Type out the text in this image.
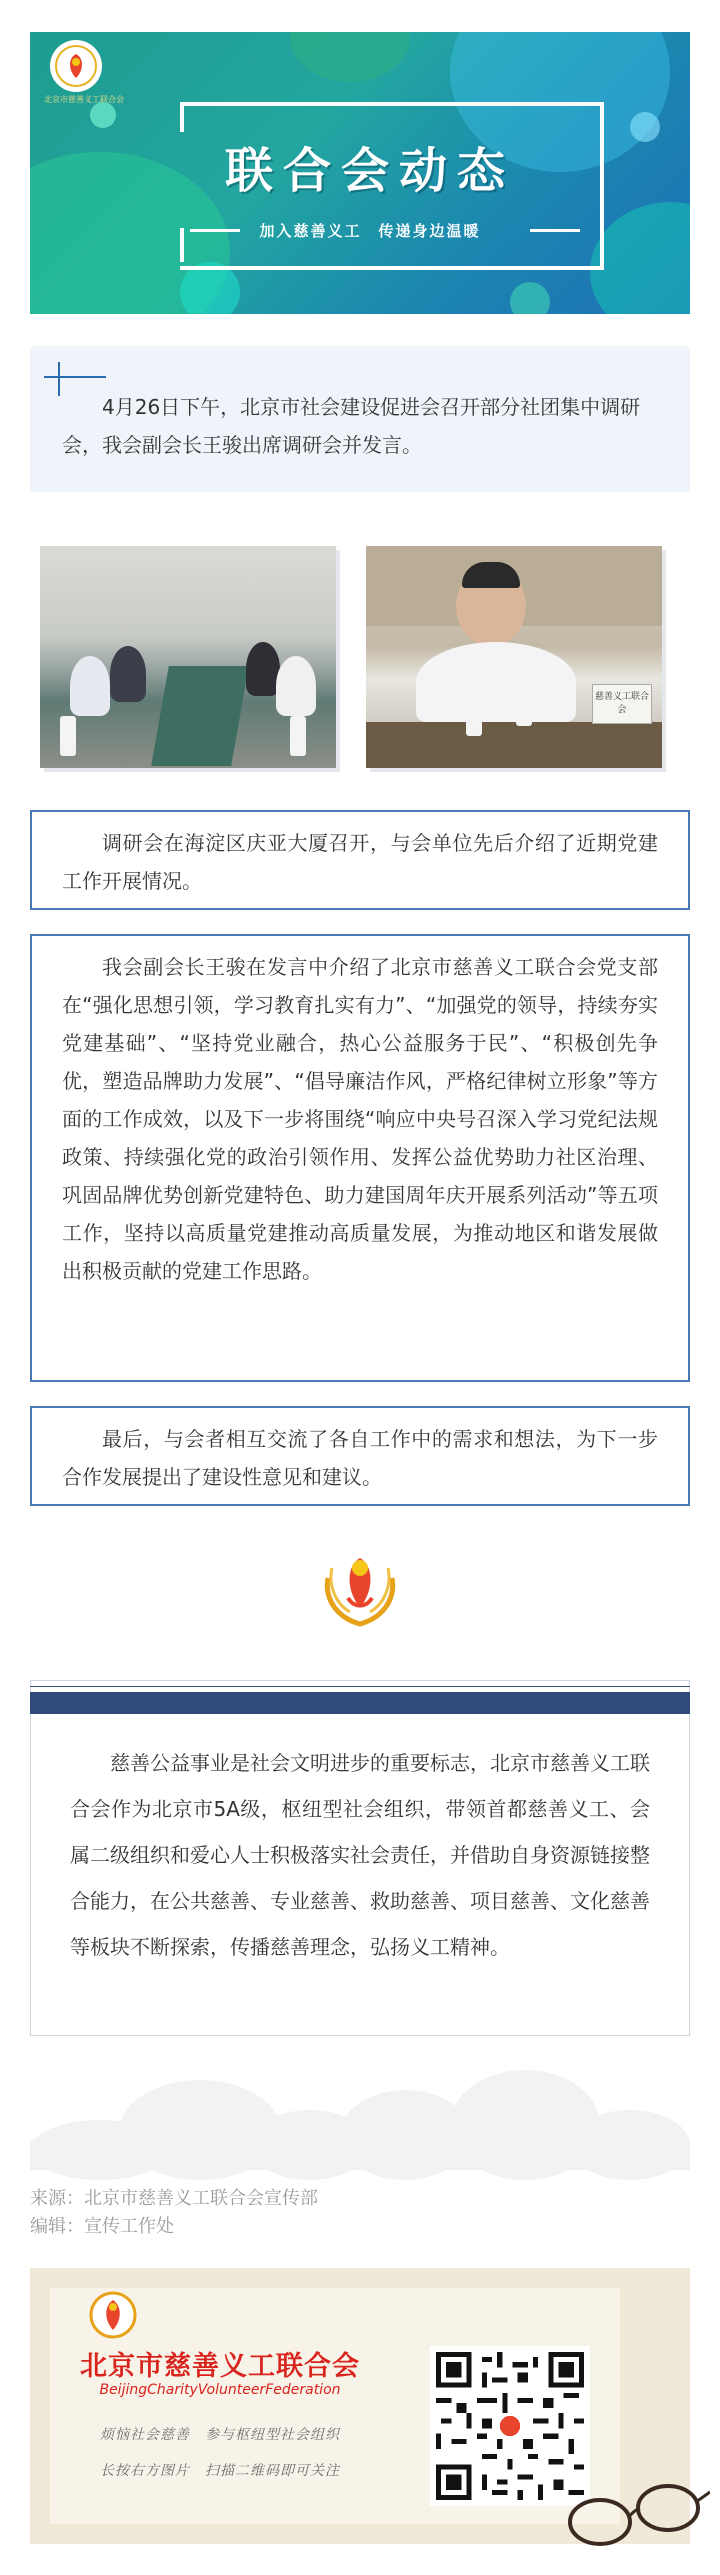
北京市慈善义工联合会
联合会动态
加入慈善义工　传递身边温暖
4月26日下午，北京市社会建设促进会召开部分社团集中调研会，我会副会长王骏出席调研会并发言。
慈善义工联合会
调研会在海淀区庆亚大厦召开，与会单位先后介绍了近期党建工作开展情况。
我会副会长王骏在发言中介绍了北京市慈善义工联合会党支部在“强化思想引领，学习教育扎实有力”、“加强党的领导，持续夯实党建基础”、“坚持党业融合，热心公益服务于民”、“积极创先争优，塑造品牌助力发展”、“倡导廉洁作风，严格纪律树立形象”等方面的工作成效，以及下一步将围绕“响应中央号召深入学习党纪法规政策、持续强化党的政治引领作用、发挥公益优势助力社区治理、巩固品牌优势创新党建特色、助力建国周年庆开展系列活动”等五项工作，坚持以高质量党建推动高质量发展，为推动地区和谐发展做出积极贡献的党建工作思路。
最后，与会者相互交流了各自工作中的需求和想法，为下一步合作发展提出了建设性意见和建议。
慈善公益事业是社会文明进步的重要标志，北京市慈善义工联合会作为北京市5A级，枢纽型社会组织，带领首都慈善义工、会属二级组织和爱心人士积极落实社会责任，并借助自身资源链接整合能力，在公共慈善、专业慈善、救助慈善、项目慈善、文化慈善等板块不断探索，传播慈善理念，弘扬义工精神。
来源：北京市慈善义工联合会宣传部
编辑：宣传工作处
北京市慈善义工联合会
BeijingCharityVolunteerFederation
烦恼社会慈善　参与枢纽型社会组织
长按右方图片　扫描二维码即可关注
